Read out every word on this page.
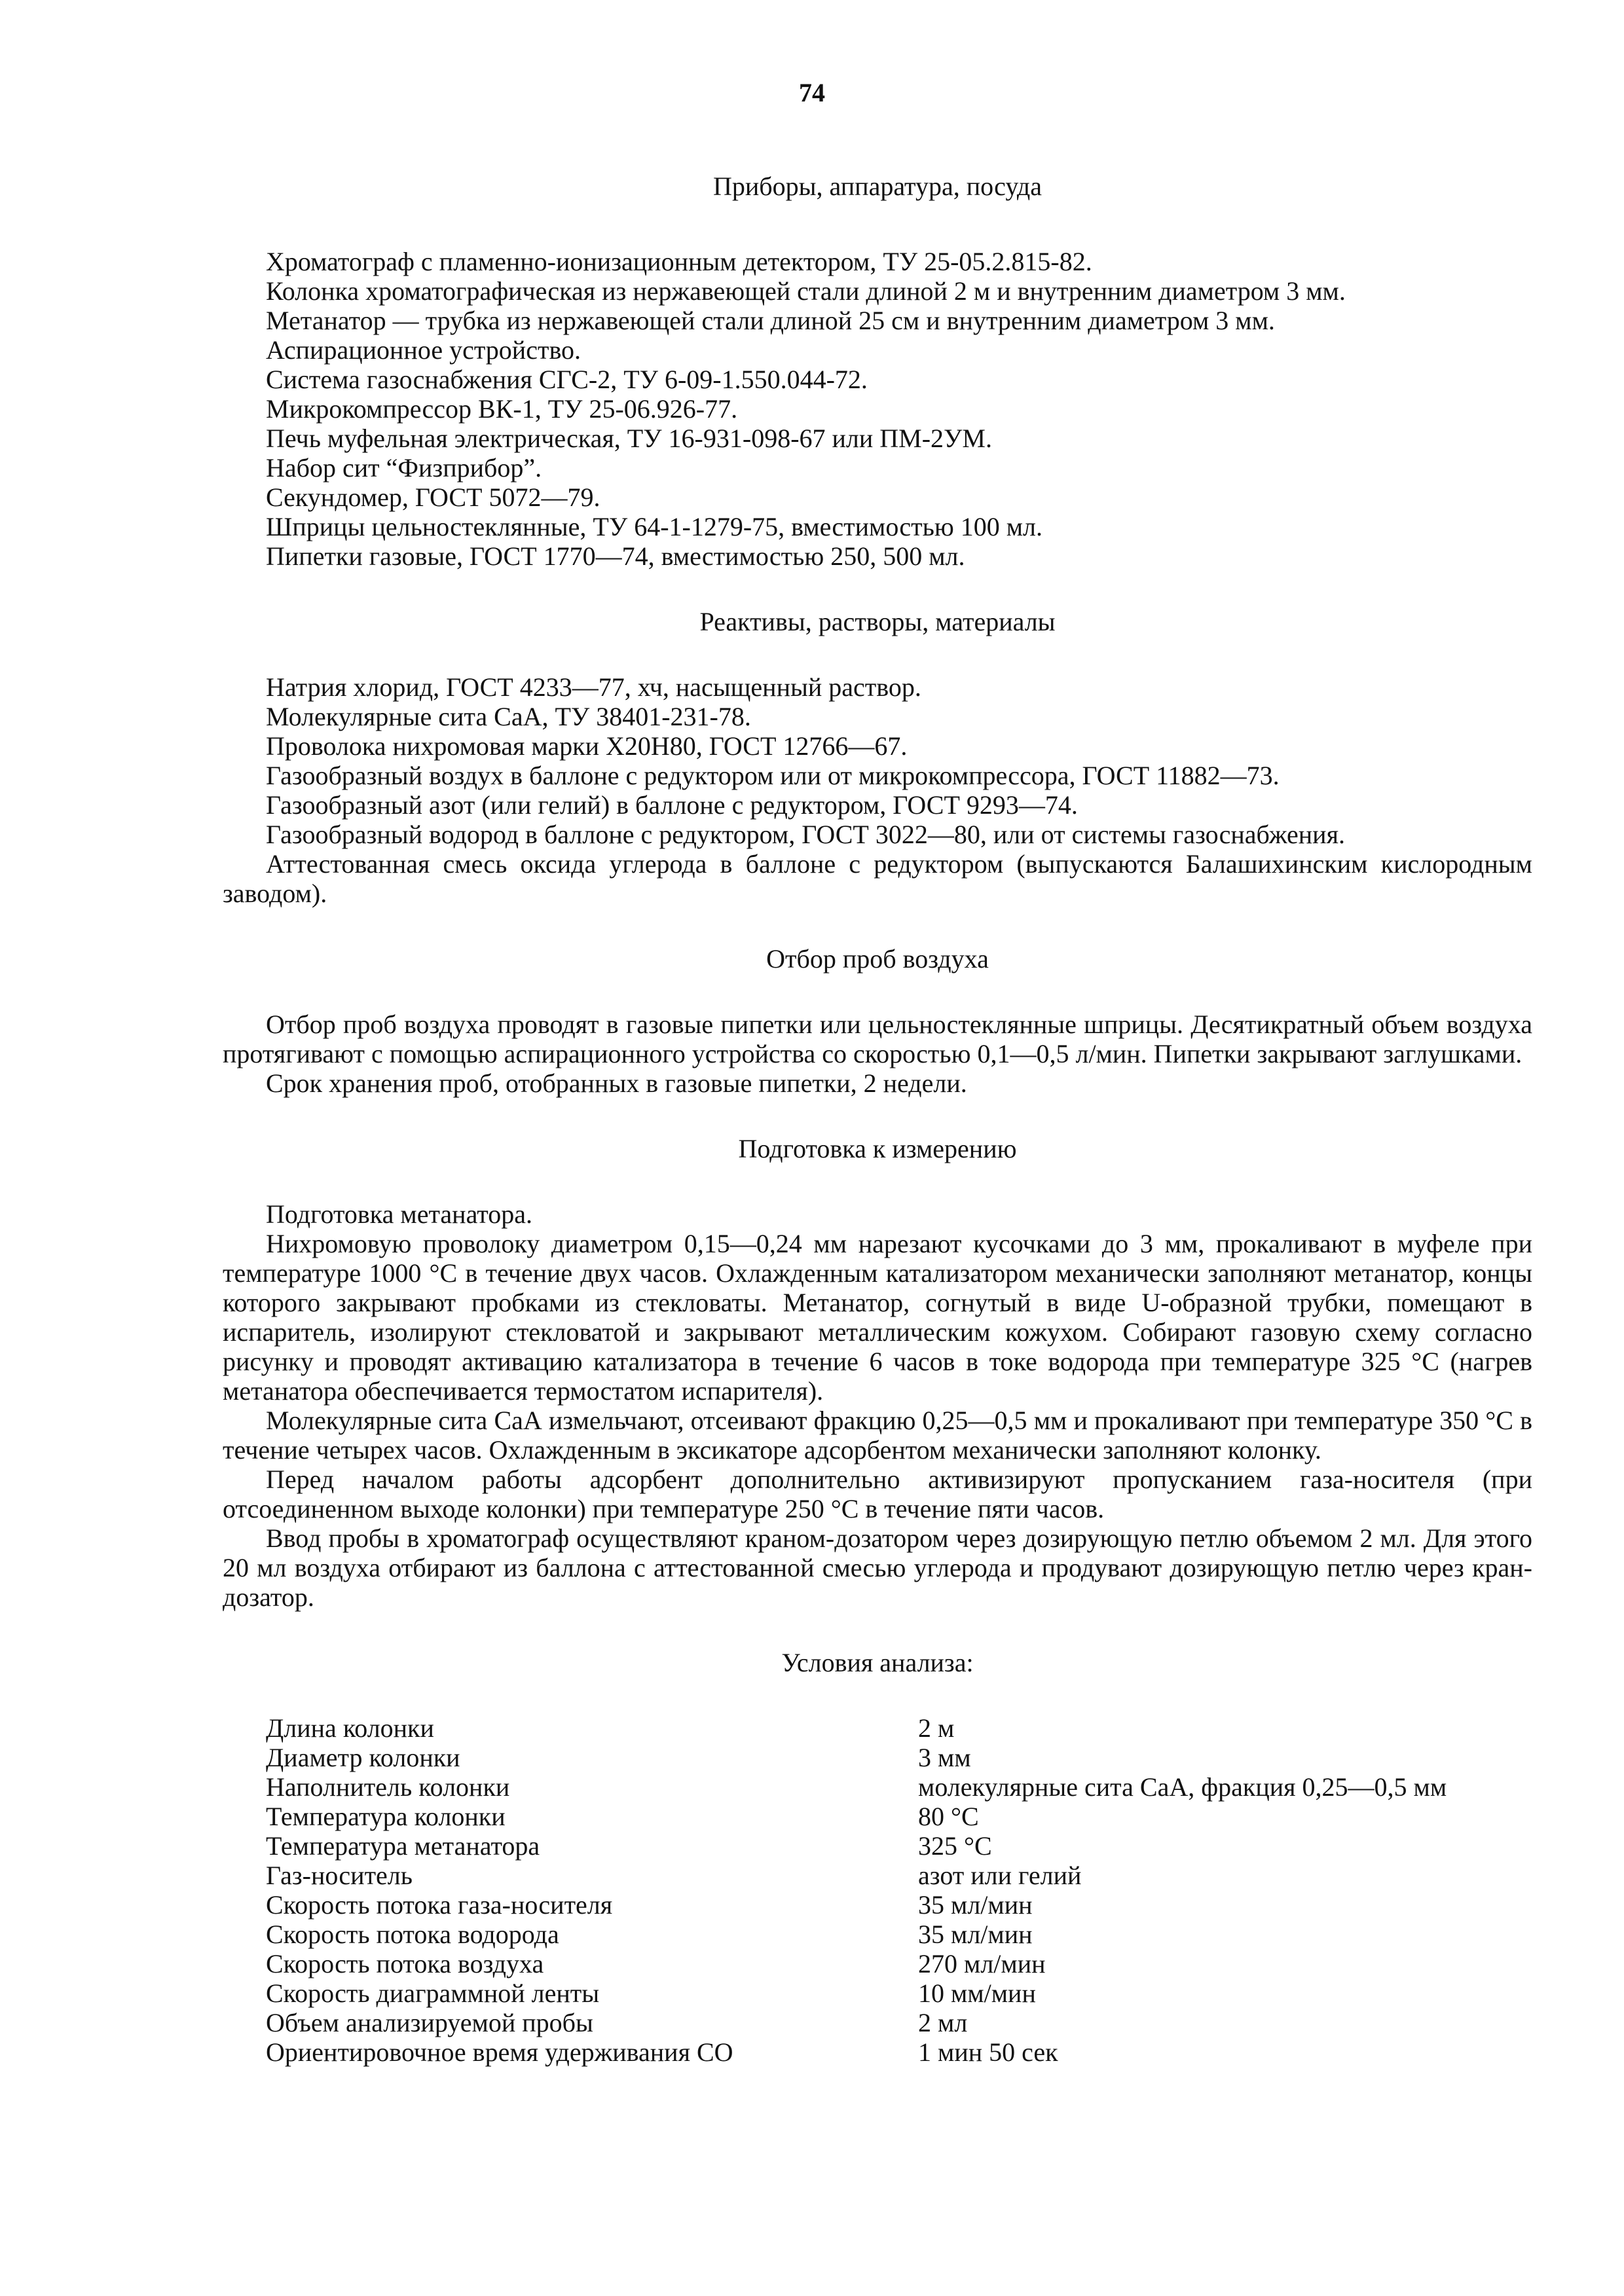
74
Приборы, аппаратура, посуда
Хроматограф с пламенно-ионизационным детектором, ТУ 25-05.2.815-82.
Колонка хроматографическая из нержавеющей стали длиной 2 м и внутренним диаметром 3 мм.
Метанатор — трубка из нержавеющей стали длиной 25 см и внутренним диаметром 3 мм.
Аспирационное устройство.
Система газоснабжения СГС-2, ТУ 6-09-1.550.044-72.
Микрокомпрессор ВК-1, ТУ 25-06.926-77.
Печь муфельная электрическая, ТУ 16-931-098-67 или ПМ-2УМ.
Набор сит “Физприбор”.
Секундомер, ГОСТ 5072—79.
Шприцы цельностеклянные, ТУ 64-1-1279-75, вместимостью 100 мл.
Пипетки газовые, ГОСТ 1770—74, вместимостью 250, 500 мл.
Реактивы, растворы, материалы
Натрия хлорид, ГОСТ 4233—77, хч, насыщенный раствор.
Молекулярные сита СаА, ТУ 38401-231-78.
Проволока нихромовая марки Х20Н80, ГОСТ 12766—67.
Газообразный воздух в баллоне с редуктором или от микрокомпрессора, ГОСТ 11882—73.
Газообразный азот (или гелий) в баллоне с редуктором, ГОСТ 9293—74.
Газообразный водород в баллоне с редуктором, ГОСТ 3022—80, или от системы газоснабжения.
Аттестованная смесь оксида углерода в баллоне с редуктором (выпускаются Балашихинским кислородным заводом).
Отбор проб воздуха
Отбор проб воздуха проводят в газовые пипетки или цельностеклянные шприцы. Десятикратный объем воздуха протягивают с помощью аспирационного устройства со скоростью 0,1—0,5 л/мин. Пипетки закрывают заглушками.
Срок хранения проб, отобранных в газовые пипетки, 2 недели.
Подготовка к измерению
Подготовка метанатора.
Нихромовую проволоку диаметром 0,15—0,24 мм нарезают кусочками до 3 мм, прокаливают в муфеле при температуре 1000 °С в течение двух часов. Охлажденным катализатором механически заполняют метанатор, концы которого закрывают пробками из стекловаты. Метанатор, согнутый в виде U-образной трубки, помещают в испаритель, изолируют стекловатой и закрывают металлическим кожухом. Собирают газовую схему согласно рисунку и проводят активацию катализатора в течение 6 часов в токе водорода при температуре 325 °С (нагрев метанатора обеспечивается термостатом испарителя).
Молекулярные сита СаА измельчают, отсеивают фракцию 0,25—0,5 мм и прокаливают при температуре 350 °С в течение четырех часов. Охлажденным в эксикаторе адсорбентом механически заполняют колонку.
Перед началом работы адсорбент дополнительно активизируют пропусканием газа-носителя (при отсоединенном выходе колонки) при температуре 250 °С в течение пяти часов.
Ввод пробы в хроматограф осуществляют краном-дозатором через дозирующую петлю объемом 2 мл. Для этого 20 мл воздуха отбирают из баллона с аттестованной смесью углерода и продувают дозирующую петлю через кран-дозатор.
Условия анализа:
Длина колонки	2 м
Диаметр колонки	3 мм
Наполнитель колонки	молекулярные сита СаА, фракция 0,25—0,5 мм
Температура колонки	80 °С
Температура метанатора	325 °С
Газ-носитель	азот или гелий
Скорость потока газа-носителя	35 мл/мин
Скорость потока водорода	35 мл/мин
Скорость потока воздуха	270 мл/мин
Скорость диаграммной ленты	10 мм/мин
Объем анализируемой пробы	2 мл
Ориентировочное время удерживания СО	1 мин 50 сек
